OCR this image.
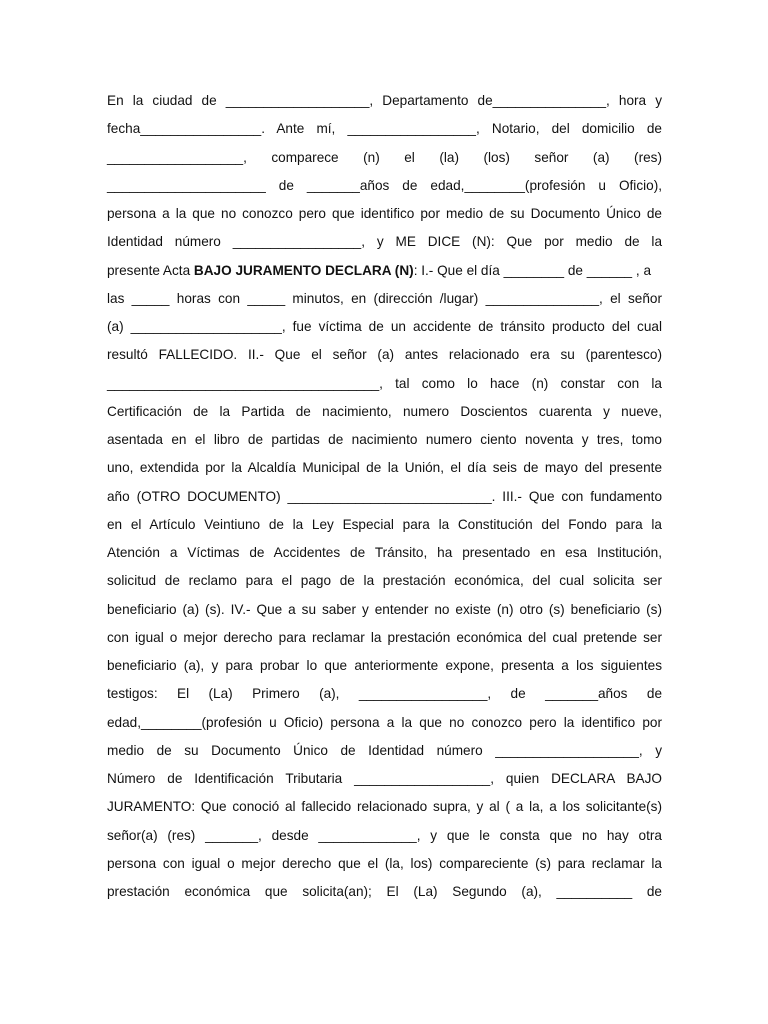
En la ciudad de ___________________, Departamento de_______________, hora y
fecha________________. Ante mí, _________________, Notario, del domicilio de
__________________, comparece (n) el (la) (los) señor (a) (res)
_____________________ de _______años de edad,________(profesión u Oficio),
persona a la que no conozco pero que identifico por medio de su Documento Único de
Identidad número _________________, y ME DICE (N): Que por medio de la
presente Acta BAJO JURAMENTO DECLARA (N): I.- Que el día ________ de ______ , a
las _____ horas con _____ minutos, en (dirección /lugar) _______________, el señor
(a) ____________________, fue víctima de un accidente de tránsito producto del cual
resultó FALLECIDO. II.- Que el señor (a) antes relacionado era su (parentesco)
____________________________________, tal como lo hace (n) constar con la
Certificación de la Partida de nacimiento, numero Doscientos cuarenta y nueve,
asentada en el libro de partidas de nacimiento numero ciento noventa y tres, tomo
uno, extendida por la Alcaldía Municipal de la Unión, el día seis de mayo del presente
año (OTRO DOCUMENTO) ___________________________. III.- Que con fundamento
en el Artículo Veintiuno de la Ley Especial para la Constitución del Fondo para la
Atención a Víctimas de Accidentes de Tránsito, ha presentado en esa Institución,
solicitud de reclamo para el pago de la prestación económica, del cual solicita ser
beneficiario (a) (s). IV.- Que a su saber y entender no existe (n) otro (s) beneficiario (s)
con igual o mejor derecho para reclamar la prestación económica del cual pretende ser
beneficiario (a), y para probar lo que anteriormente expone, presenta a los siguientes
testigos: El (La) Primero (a), _________________, de _______años de
edad,________(profesión u Oficio) persona a la que no conozco pero la identifico por
medio de su Documento Único de Identidad número ___________________, y
Número de Identificación Tributaria __________________, quien DECLARA BAJO
JURAMENTO: Que conoció al fallecido relacionado supra, y al ( a la, a los solicitante(s)
señor(a) (res) _______, desde _____________, y que le consta que no hay otra
persona con igual o mejor derecho que el (la, los) compareciente (s) para reclamar la
prestación económica que solicita(an); El (La) Segundo (a), __________ de
